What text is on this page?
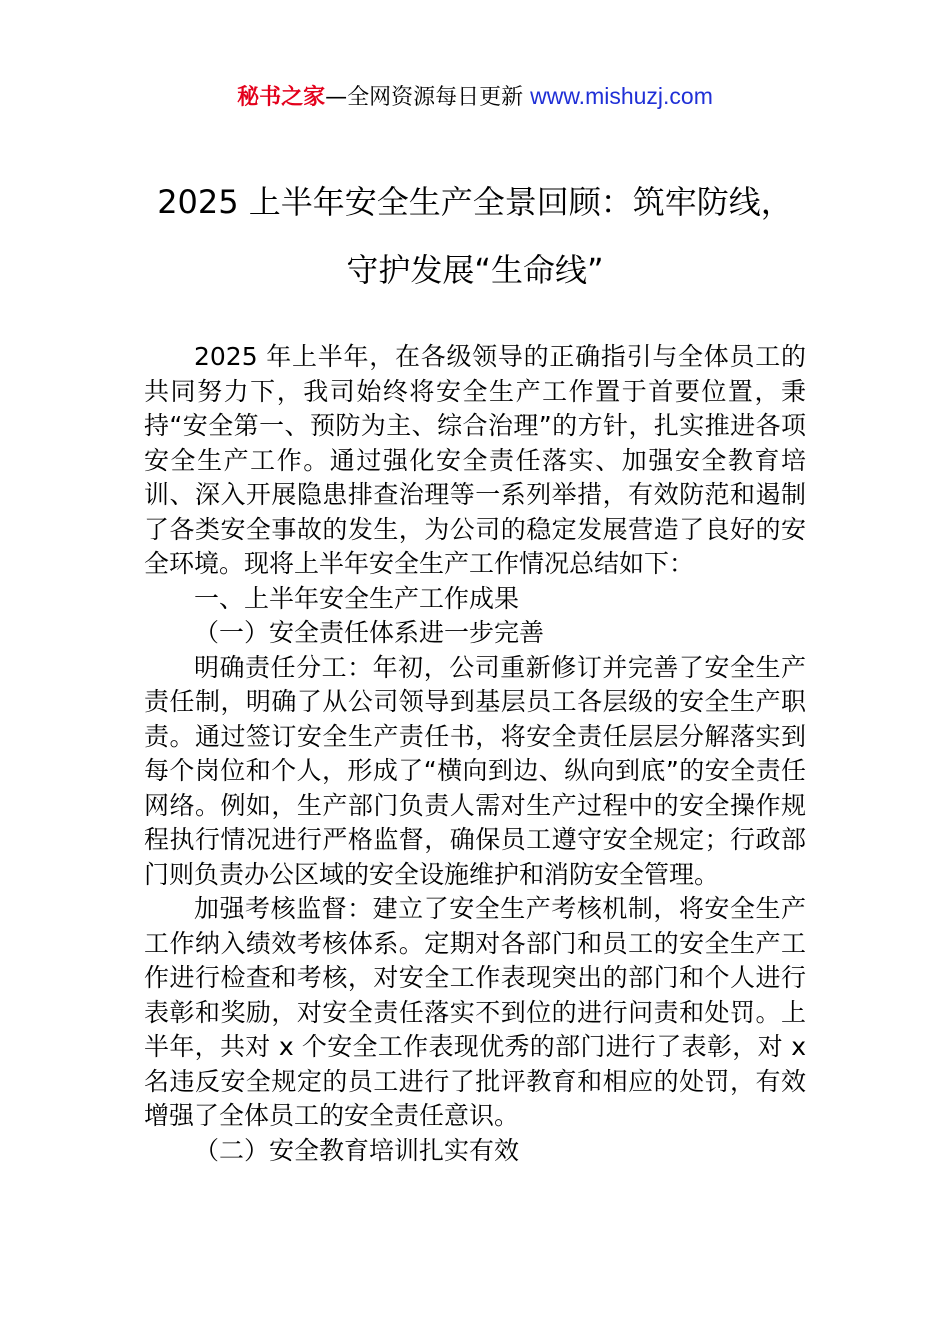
秘书之家—全网资源每日更新 www.mishuzj.com
2025 上半年安全生产全景回顾：筑牢防线，
守护发展“生命线”

2025 年上半年，在各级领导的正确指引与全体员工的共同努力下，我司始终将安全生产工作置于首要位置，秉持“安全第一、预防为主、综合治理”的方针，扎实推进各项安全生产工作。通过强化安全责任落实、加强安全教育培训、深入开展隐患排查治理等一系列举措，有效防范和遏制了各类安全事故的发生，为公司的稳定发展营造了良好的安全环境。现将上半年安全生产工作情况总结如下：

一、上半年安全生产工作成果

（一）安全责任体系进一步完善

明确责任分工：年初，公司重新修订并完善了安全生产责任制，明确了从公司领导到基层员工各层级的安全生产职责。通过签订安全生产责任书，将安全责任层层分解落实到每个岗位和个人，形成了“横向到边、纵向到底”的安全责任网络。例如，生产部门负责人需对生产过程中的安全操作规程执行情况进行严格监督，确保员工遵守安全规定；行政部门则负责办公区域的安全设施维护和消防安全管理。

加强考核监督：建立了安全生产考核机制，将安全生产工作纳入绩效考核体系。定期对各部门和员工的安全生产工作进行检查和考核，对安全工作表现突出的部门和个人进行表彰和奖励，对安全责任落实不到位的进行问责和处罚。上半年，共对 x 个安全工作表现优秀的部门进行了表彰，对 x 名违反安全规定的员工进行了批评教育和相应的处罚，有效增强了全体员工的安全责任意识。

（二）安全教育培训扎实有效
